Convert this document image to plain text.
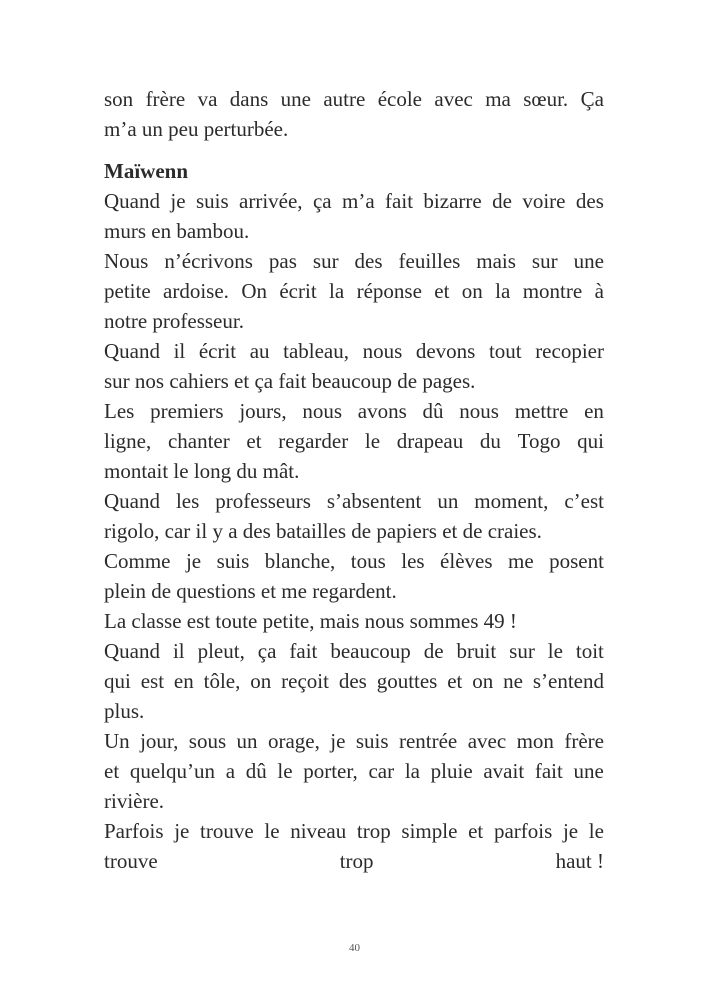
son frère va dans une autre école avec ma sœur. Ça
m’a un peu perturbée.
Maïwenn
Quand je suis arrivée, ça m’a fait bizarre de voire des
murs en bambou.
Nous n’écrivons pas sur des feuilles mais sur une
petite ardoise. On écrit la réponse et on la montre à
notre professeur.
Quand il écrit au tableau, nous devons tout recopier
sur nos cahiers et ça fait beaucoup de pages.
Les premiers jours, nous avons dû nous mettre en
ligne, chanter et regarder le drapeau du Togo qui
montait le long du mât.
Quand les professeurs s’absentent un moment, c’est
rigolo, car il y a des batailles de papiers et de craies.
Comme je suis blanche, tous les élèves me posent
plein de questions et me regardent.
La classe est toute petite, mais nous sommes 49 !
Quand il pleut, ça fait beaucoup de bruit sur le toit
qui est en tôle, on reçoit des gouttes et on ne s’entend
plus.
Un jour, sous un orage, je suis rentrée avec mon frère
et quelqu’un a dû le porter, car la pluie avait fait une
rivière.
Parfois je trouve le niveau trop simple et parfois je le
trouve	trop	haut !
40
